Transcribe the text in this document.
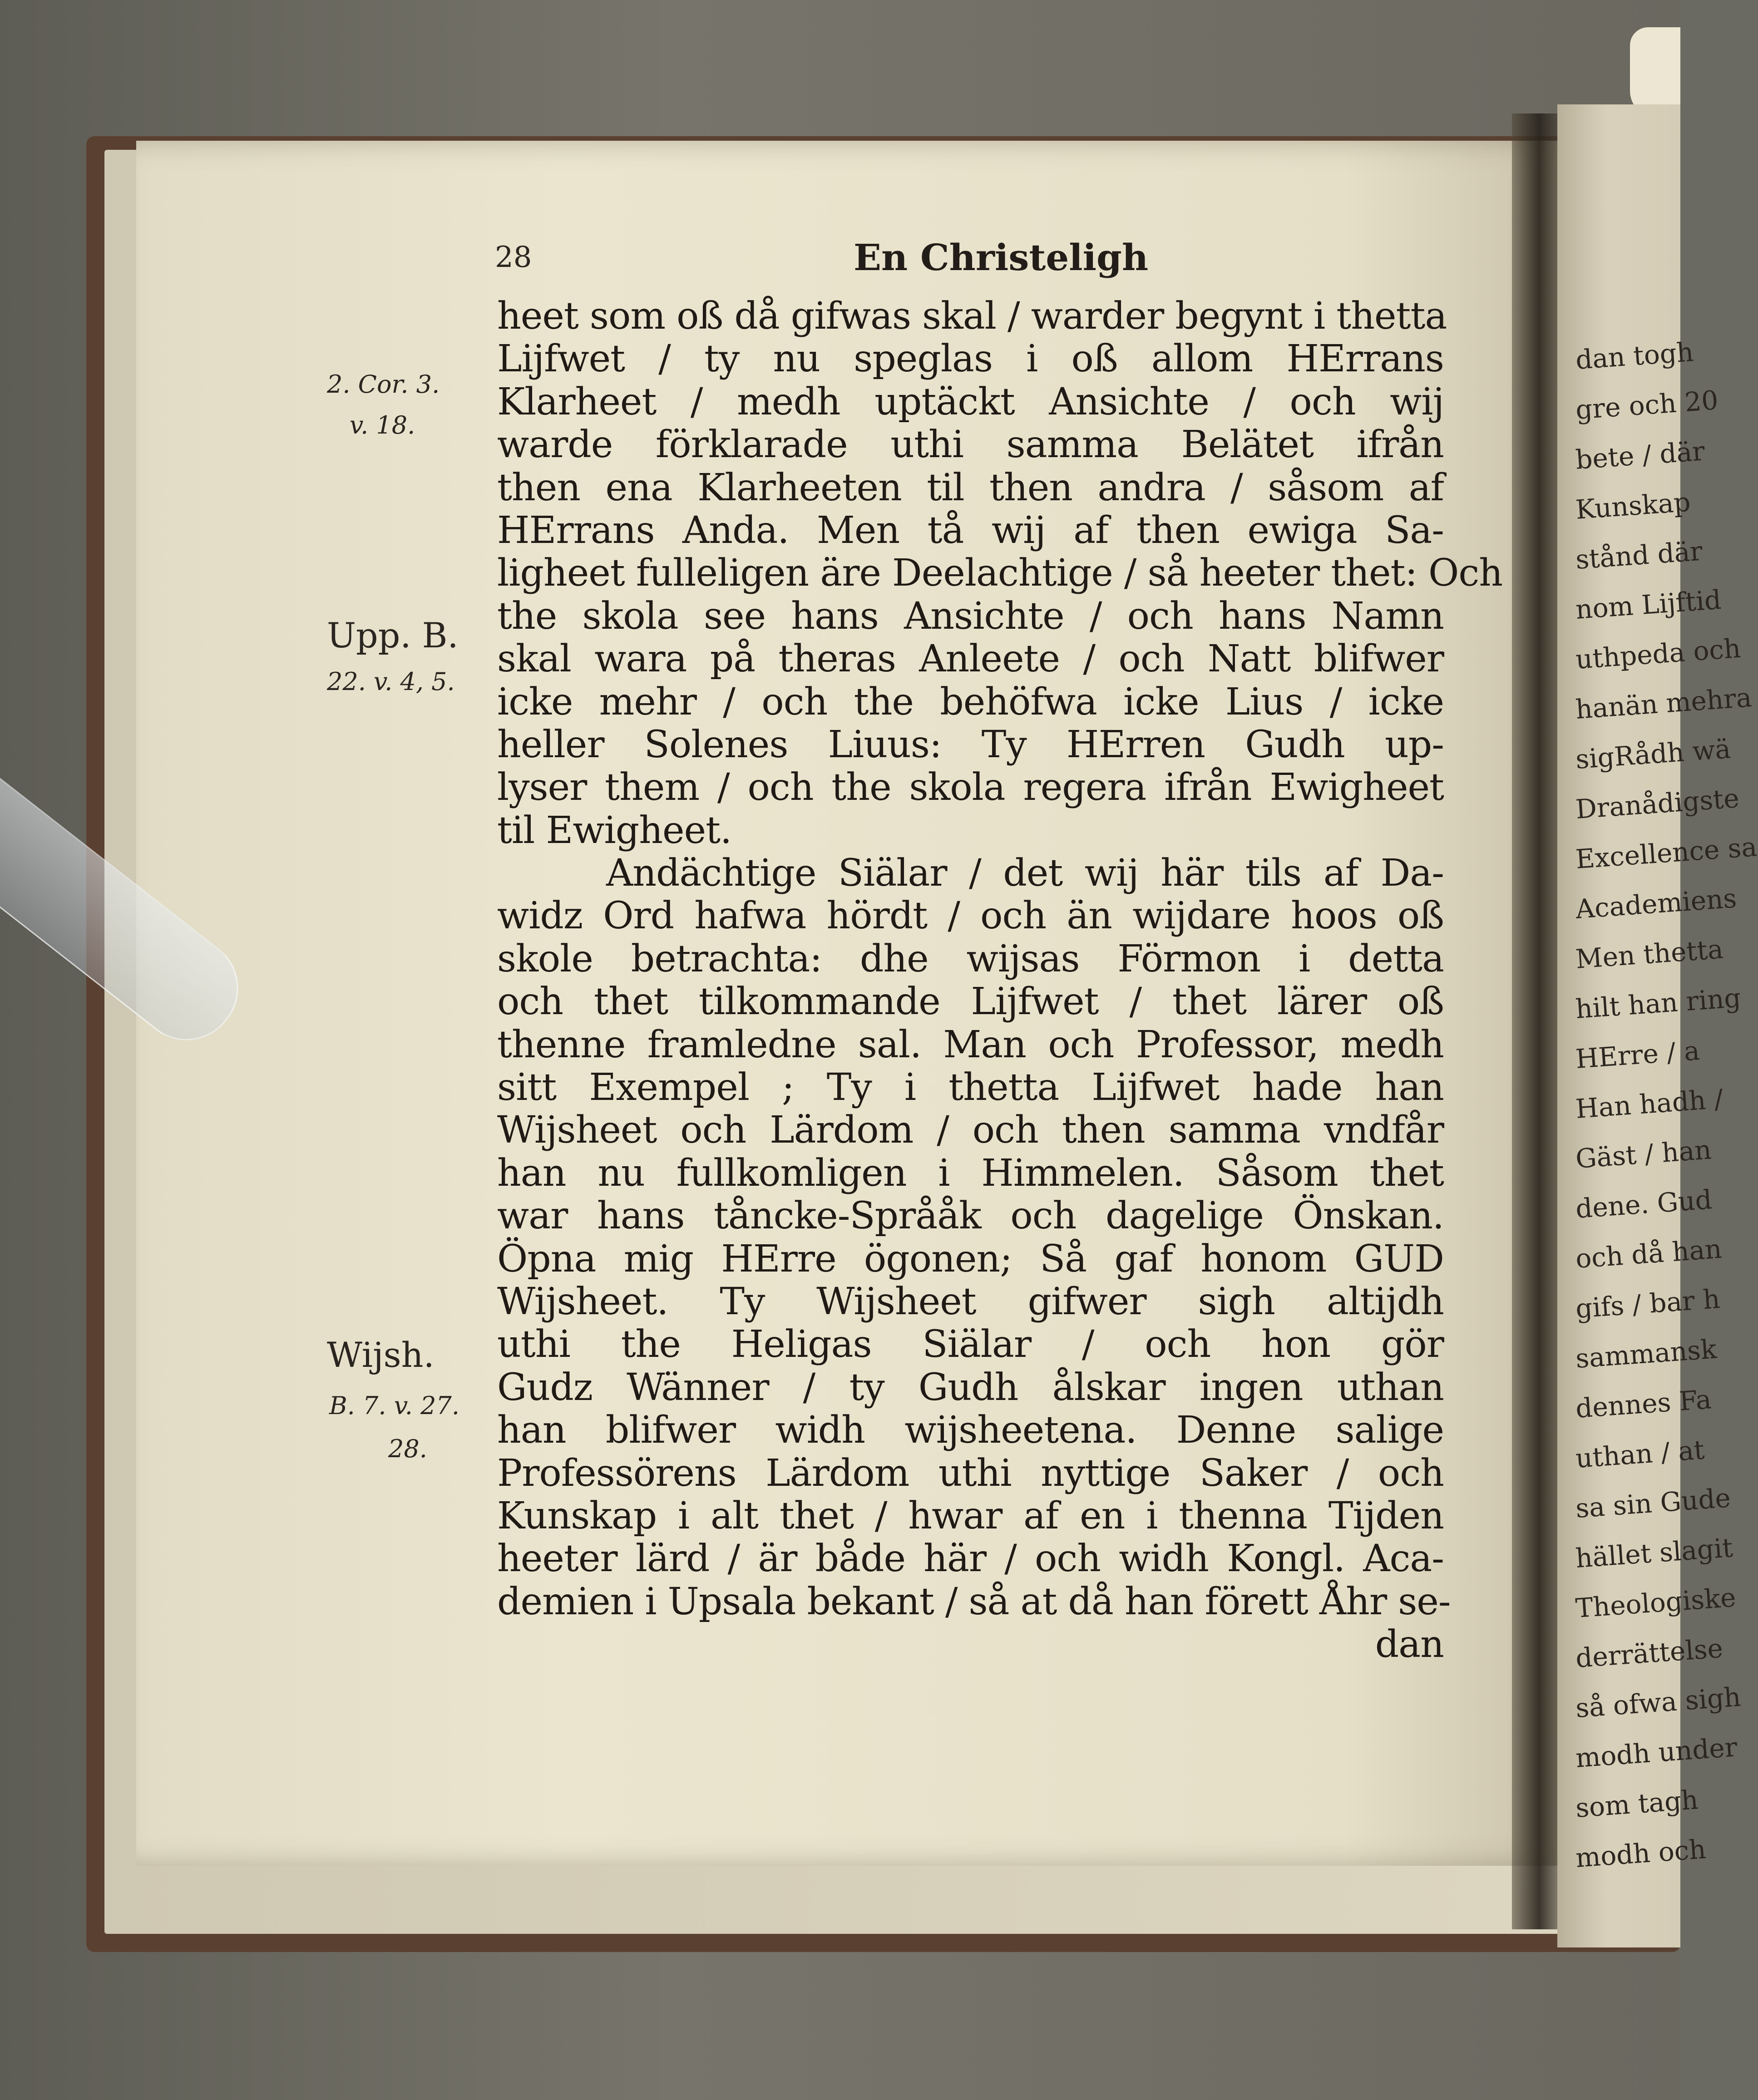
dan togh
gre och 20
bete / där
Kunskap
stånd där
nom Lijftid
uthpeda och
hanän mehra
sigRådh wä
Dranådigste
Excellence sa
Academiens
Men thetta
hilt han ring
HErre / a
Han hadh /
Gäst / han
dene. Gud
och då han
gifs / bar h
sammansk
dennes Fa
uthan / at
sa sin Gude
hället slagit
Theologiske
derrättelse
så ofwa sigh
modh under
som tagh
modh och
28	En Christeligh
heet som oß då gifwas skal / warder begynt i thetta
Lijfwet / ty nu speglas i oß allom HErrans
Klarheet / medh uptäckt Ansichte / och wij
warde förklarade uthi samma Belätet ifrån
then ena Klarheeten til then andra / såsom af
HErrans Anda. Men tå wij af then ewiga Sa-
ligheet fulleligen äre Deelachtige / så heeter thet: Och
the skola see hans Ansichte / och hans Namn
skal wara på theras Anleete / och Natt blifwer
icke mehr / och the behöfwa icke Lius / icke
heller Solenes Liuus: Ty HErren Gudh up-
lyser them / och the skola regera ifrån Ewigheet
til Ewigheet.
Andächtige Siälar / det wij här tils af Da-
widz Ord hafwa hördt / och än wijdare hoos oß
skole betrachta: dhe wijsas Förmon i detta
och thet tilkommande Lijfwet / thet lärer oß
thenne framledne sal. Man och Professor, medh
sitt Exempel ; Ty i thetta Lijfwet hade han
Wijsheet och Lärdom / och then samma vndfår
han nu fullkomligen i Himmelen. Såsom thet
war hans tåncke-Språåk och dagelige Önskan.
Öpna mig HErre ögonen; Så gaf honom GUD
Wijsheet. Ty Wijsheet gifwer sigh altijdh
uthi the Heligas Siälar / och hon gör
Gudz Wänner / ty Gudh ålskar ingen uthan
han blifwer widh wijsheetena. Denne salige
Professörens Lärdom uthi nyttige Saker / och
Kunskap i alt thet / hwar af en i thenna Tijden
heeter lärd / är både här / och widh Kongl. Aca-
demien i Upsala bekant / så at då han förett Åhr se-
dan
2. Cor. 3.
v. 18.
Upp. B.
22. v. 4, 5.
Wijsh.
B. 7. v. 27.
28.
